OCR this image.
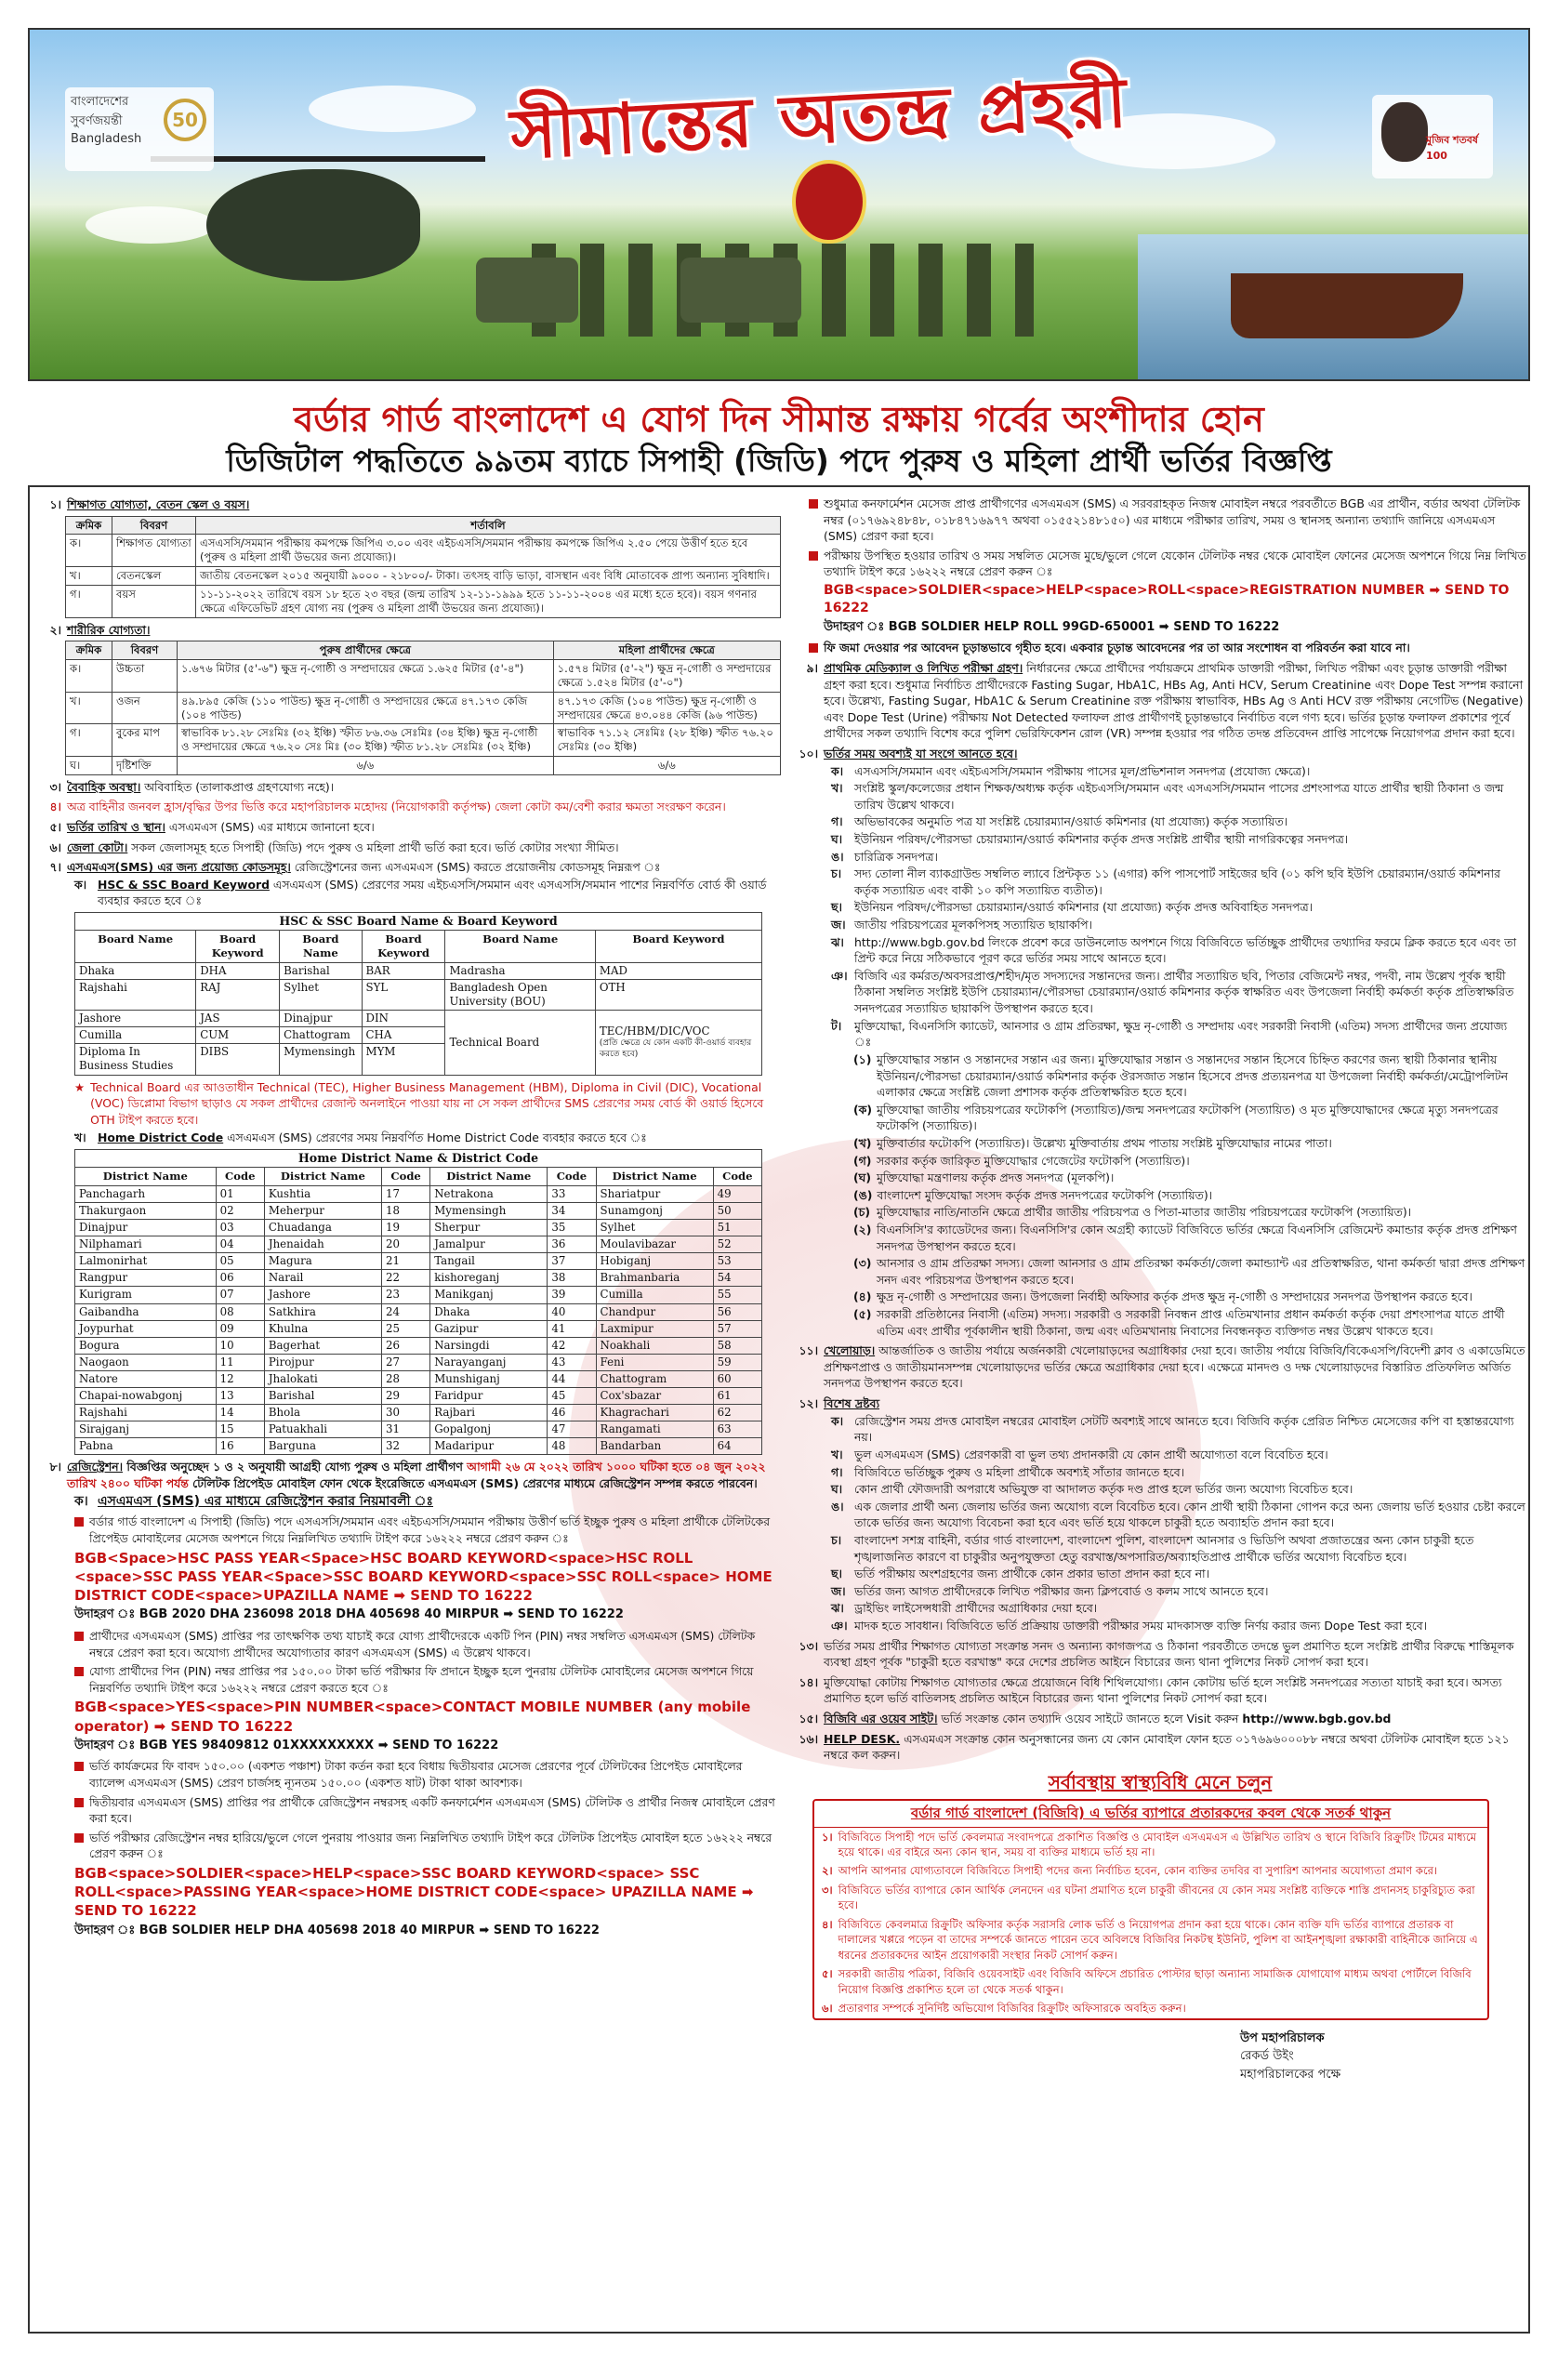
সীমান্তের অতন্দ্র প্রহরী
বাংলাদেশের সুবর্ণজয়ন্তী Bangladesh
50
মুজিব শতবর্ষ 100
বর্ডার গার্ড বাংলাদেশ এ যোগ দিন সীমান্ত রক্ষায় গর্বের অংশীদার হোন
ডিজিটাল পদ্ধতিতে ৯৯তম ব্যাচে সিপাহী (জিডি) পদে পুরুষ ও মহিলা প্রার্থী ভর্তির বিজ্ঞপ্তি
১। শিক্ষাগত যোগ্যতা, বেতন স্কেল ও বয়স।
ক্রমিক	বিবরণ	শর্তাবলি
ক।	শিক্ষাগত যোগ্যতা	এসএসসি/সমমান পরীক্ষায় কমপক্ষে জিপিএ ৩.০০ এবং এইচএসসি/সমমান পরীক্ষায় কমপক্ষে জিপিএ ২.৫০ পেয়ে উত্তীর্ণ হতে হবে (পুরুষ ও মহিলা প্রার্থী উভয়ের জন্য প্রযোজ্য)।
খ।	বেতনস্কেল	জাতীয় বেতনস্কেল ২০১৫ অনুযায়ী ৯০০০ - ২১৮০০/- টাকা। তৎসহ বাড়ি ভাড়া, বাসস্থান এবং বিধি মোতাবেক প্রাপ্য অন্যান্য সুবিধাদি।
গ।	বয়স	১১-১১-২০২২ তারিখে বয়স ১৮ হতে ২৩ বছর (জন্ম তারিখ ১২-১১-১৯৯৯ হতে ১১-১১-২০০৪ এর মধ্যে হতে হবে)। বয়স গণনার ক্ষেত্রে এফিডেভিট গ্রহণ যোগ্য নয় (পুরুষ ও মহিলা প্রার্থী উভয়ের জন্য প্রযোজ্য)।
২। শারীরিক যোগ্যতা।
ক্রমিক	বিবরণ	পুরুষ প্রার্থীদের ক্ষেত্রে	মহিলা প্রার্থীদের ক্ষেত্রে
ক।	উচ্চতা	১.৬৭৬ মিটার (৫'-৬") ক্ষুদ্র নৃ-গোষ্ঠী ও সম্প্রদায়ের ক্ষেত্রে ১.৬২৫ মিটার (৫'-৪")	১.৫৭৪ মিটার (৫'-২") ক্ষুদ্র নৃ-গোষ্ঠী ও সম্প্রদায়ের ক্ষেত্রে ১.৫২৪ মিটার (৫'-০")
খ।	ওজন	৪৯.৮৯৫ কেজি (১১০ পাউন্ড) ক্ষুদ্র নৃ-গোষ্ঠী ও সম্প্রদায়ের ক্ষেত্রে ৪৭.১৭৩ কেজি (১০৪ পাউন্ড)	৪৭.১৭৩ কেজি (১০৪ পাউন্ড) ক্ষুদ্র নৃ-গোষ্ঠী ও সম্প্রদায়ের ক্ষেত্রে ৪৩.০৪৪ কেজি (৯৬ পাউন্ড)
গ।	বুকের মাপ	স্বাভাবিক ৮১.২৮ সেঃমিঃ (৩২ ইঞ্চি) স্ফীত ৮৬.৩৬ সেঃমিঃ (৩৪ ইঞ্চি) ক্ষুদ্র নৃ-গোষ্ঠী ও সম্প্রদায়ের ক্ষেত্রে ৭৬.২০ সেঃ মিঃ (৩০ ইঞ্চি) স্ফীত ৮১.২৮ সেঃমিঃ (৩২ ইঞ্চি)	স্বাভাবিক ৭১.১২ সেঃমিঃ (২৮ ইঞ্চি) স্ফীত ৭৬.২০ সেঃমিঃ (৩০ ইঞ্চি)
ঘ।	দৃষ্টিশক্তি	৬/৬	৬/৬
৩। বৈবাহিক অবস্থা। অবিবাহিত (তালাকপ্রাপ্ত গ্রহণযোগ্য নহে)।
৪। অত্র বাহিনীর জনবল হ্রাস/বৃদ্ধির উপর ভিত্তি করে মহাপরিচালক মহোদয় (নিয়োগকারী কর্তৃপক্ষ) জেলা কোটা কম/বেশী করার ক্ষমতা সংরক্ষণ করেন।
৫। ভর্তির তারিখ ও স্থান। এসএমএস (SMS) এর মাধ্যমে জানানো হবে।
৬। জেলা কোটা। সকল জেলাসমূহ হতে সিপাহী (জিডি) পদে পুরুষ ও মহিলা প্রার্থী ভর্তি করা হবে। ভর্তি কোটার সংখ্যা সীমিত।
৭। এসএমএস(SMS) এর জন্য প্রয়োজ্য কোডসমূহ। রেজিস্ট্রেশনের জন্য এসএমএস (SMS) করতে প্রয়োজনীয় কোডসমূহ নিম্নরূপ ঃ
ক। HSC & SSC Board Keyword এসএমএস (SMS) প্রেরণের সময় এইচএসসি/সমমান এবং এসএসসি/সমমান পাশের নিম্নবর্ণিত বোর্ড কী ওয়ার্ড ব্যবহার করতে হবে ঃ
HSC & SSC Board Name & Board Keyword					
Board Name	Board Keyword	Board Name	Board Keyword	Board Name	Board Keyword
Dhaka	DHA	Barishal	BAR	Madrasha	MAD
Rajshahi	RAJ	Sylhet	SYL	Bangladesh Open University (BOU)	OTH
Jashore	JAS	Dinajpur	DIN	Technical Board	TEC/HBM/DIC/VOC
(প্রতি ক্ষেত্রে যে কোন একটি কী-ওয়ার্ড ব্যবহার করতে হবে)

Cumilla	CUM	Chattogram	CHA		
Diploma In Business Studies	DIBS	Mymensingh	MYM		
★ Technical Board এর আওতাধীন Technical (TEC), Higher Business Management (HBM), Diploma in Civil (DIC), Vocational (VOC) ডিপ্লোমা বিভাগ ছাড়াও যে সকল প্রার্থীদের রেজাল্ট অনলাইনে পাওয়া যায় না সে সকল প্রার্থীদের SMS প্রেরণের সময় বোর্ড কী ওয়ার্ড হিসেবে OTH টাইপ করতে হবে।
খ।	Home District Code এসএমএস (SMS) প্রেরণের সময় নিম্নবর্ণিত Home District Code ব্যবহার করতে হবে ঃ
Home District Name & District Code							
District Name	Code	District Name	Code	District Name	Code	District Name	Code
Panchagarh	01	Kushtia	17	Netrakona	33	Shariatpur	49
Thakurgaon	02	Meherpur	18	Mymensingh	34	Sunamgonj	50
Dinajpur	03	Chuadanga	19	Sherpur	35	Sylhet	51
Nilphamari	04	Jhenaidah	20	Jamalpur	36	Moulavibazar	52
Lalmonirhat	05	Magura	21	Tangail	37	Hobiganj	53
Rangpur	06	Narail	22	kishoreganj	38	Brahmanbaria	54
Kurigram	07	Jashore	23	Manikganj	39	Cumilla	55
Gaibandha	08	Satkhira	24	Dhaka	40	Chandpur	56
Joypurhat	09	Khulna	25	Gazipur	41	Laxmipur	57
Bogura	10	Bagerhat	26	Narsingdi	42	Noakhali	58
Naogaon	11	Pirojpur	27	Narayanganj	43	Feni	59
Natore	12	Jhalokati	28	Munshiganj	44	Chattogram	60
Chapai-nowabgonj	13	Barishal	29	Faridpur	45	Cox'sbazar	61
Rajshahi	14	Bhola	30	Rajbari	46	Khagrachari	62
Sirajganj	15	Patuakhali	31	Gopalgonj	47	Rangamati	63
Pabna	16	Barguna	32	Madaripur	48	Bandarban	64
৮। রেজিস্ট্রেশন। বিজ্ঞপ্তির অনুচ্ছেদ ১ ও ২ অনুযায়ী আগ্রহী যোগ্য পুরুষ ও মহিলা প্রার্থীগণ আগামী ২৬ মে ২০২২ তারিখ ১০০০ ঘটিকা হতে ০৪ জুন ২০২২ তারিখ ২৪০০ ঘটিকা পর্যন্ত টেলিটক প্রিপেইড মোবাইল ফোন থেকে ইংরেজিতে এসএমএস (SMS) প্রেরণের মাধ্যমে রেজিস্ট্রেশন সম্পন্ন করতে পারবেন।
ক। এসএমএস (SMS) এর মাধ্যমে রেজিস্ট্রেশন করার নিয়মাবলী ঃ
বর্ডার গার্ড বাংলাদেশ এ সিপাহী (জিডি) পদে এসএসসি/সমমান এবং এইচএসসি/সমমান পরীক্ষায় উত্তীর্ণ ভর্তি ইচ্ছুক পুরুষ ও মহিলা প্রার্থীকে টেলিটকের প্রিপেইড মোবাইলের মেসেজ অপশনে গিয়ে নিম্নলিখিত তথ্যাদি টাইপ করে ১৬২২২ নম্বরে প্রেরণ করুন ঃ
BGB<Space>HSC PASS YEAR<Space>HSC BOARD KEYWORD<space>HSC ROLL <space>SSC PASS YEAR<Space>SSC BOARD KEYWORD<space>SSC ROLL<space> HOME DISTRICT CODE<space>UPAZILLA NAME ➡ SEND TO 16222
উদাহরণ ঃ BGB 2020 DHA 236098 2018 DHA 405698 40 MIRPUR ➡ SEND TO 16222
প্রার্থীদের এসএমএস (SMS) প্রাপ্তির পর তাৎক্ষণিক তথ্য যাচাই করে যোগ্য প্রার্থীদেরকে একটি পিন (PIN) নম্বর সম্বলিত এসএমএস (SMS) টেলিটক নম্বরে প্রেরণ করা হবে। অযোগ্য প্রার্থীদের অযোগ্যতার কারণ এসএমএস (SMS) এ উল্লেখ থাকবে।
যোগ্য প্রার্থীদের পিন (PIN) নম্বর প্রাপ্তির পর ১৫০.০০ টাকা ভর্তি পরীক্ষার ফি প্রদানে ইচ্ছুক হলে পুনরায় টেলিটক মোবাইলের মেসেজ অপশনে গিয়ে নিম্নবর্ণিত তথ্যাদি টাইপ করে ১৬২২২ নম্বরে প্রেরণ করতে হবে ঃ
BGB<space>YES<space>PIN NUMBER<space>CONTACT MOBILE NUMBER (any mobile operator) ➡ SEND TO 16222
উদাহরণ ঃ BGB YES 98409812 01XXXXXXXXX ➡ SEND TO 16222
ভর্তি কার্যক্রমের ফি বাবদ ১৫০.০০ (একশত পঞ্চাশ) টাকা কর্তন করা হবে বিধায় দ্বিতীয়বার মেসেজ প্রেরণের পূর্বে টেলিটকের প্রিপেইড মোবাইলের ব্যালেন্স এসএমএস (SMS) প্রেরণ চার্জসহ ন্যূনতম ১৫০.০০ (একশত ষাট) টাকা থাকা আবশ্যক।
দ্বিতীয়বার এসএমএস (SMS) প্রাপ্তির পর প্রার্থীকে রেজিস্ট্রেশন নম্বরসহ একটি কনফার্মেশন এসএমএস (SMS) টেলিটক ও প্রার্থীর নিজস্ব মোবাইলে প্রেরণ করা হবে।
ভর্তি পরীক্ষার রেজিস্ট্রেশন নম্বর হারিয়ে/ভুলে গেলে পুনরায় পাওয়ার জন্য নিম্নলিখিত তথ্যাদি টাইপ করে টেলিটক প্রিপেইড মোবাইল হতে ১৬২২২ নম্বরে প্রেরণ করুন ঃ
BGB<space>SOLDIER<space>HELP<space>SSC BOARD KEYWORD<space> SSC ROLL<space>PASSING YEAR<space>HOME DISTRICT CODE<space> UPAZILLA NAME ➡ SEND TO 16222
উদাহরণ ঃ BGB SOLDIER HELP DHA 405698 2018 40 MIRPUR ➡ SEND TO 16222
শুধুমাত্র কনফার্মেশন মেসেজ প্রাপ্ত প্রার্থীগণের এসএমএস (SMS) এ সরবরাহকৃত নিজস্ব মোবাইল নম্বরে পরবর্তীতে BGB এর প্রার্থীন, বর্ডার অথবা টেলিটক নম্বর (০১৭৬৯২৪৮৪৮, ০১৮৪৭১৬৯৭৭ অথবা ০১৫৫২১৪৮১৫০) এর মাধ্যমে পরীক্ষার তারিখ, সময় ও স্থানসহ অন্যান্য তথ্যাদি জানিয়ে এসএমএস (SMS) প্রেরণ করা হবে।
পরীক্ষায় উপস্থিত হওয়ার তারিখ ও সময় সম্বলিত মেসেজ মুছে/ভুলে গেলে যেকোন টেলিটক নম্বর থেকে মোবাইল ফোনের মেসেজ অপশনে গিয়ে নিম্ন লিখিত তথ্যাদি টাইপ করে ১৬২২২ নম্বরে প্রেরণ করুন ঃ
BGB<space>SOLDIER<space>HELP<space>ROLL<space>REGISTRATION NUMBER ➡ SEND TO 16222
উদাহরণ ঃ BGB SOLDIER HELP ROLL 99GD-650001 ➡ SEND TO 16222
ফি জমা দেওয়ার পর আবেদন চূড়ান্তভাবে গৃহীত হবে। একবার চূড়ান্ত আবেদনের পর তা আর সংশোধন বা পরিবর্তন করা যাবে না।
৯। প্রাথমিক মেডিক্যাল ও লিখিত পরীক্ষা গ্রহণ। নির্ধারনের ক্ষেত্রে প্রার্থীদের পর্যায়ক্রমে প্রাথমিক ডাক্তারী পরীক্ষা, লিখিত পরীক্ষা এবং চূড়ান্ত ডাক্তারী পরীক্ষা গ্রহণ করা হবে। শুধুমাত্র নির্বাচিত প্রার্থীদেরকে Fasting Sugar, HbA1C, HBs Ag, Anti HCV, Serum Creatinine এবং Dope Test সম্পন্ন করানো হবে। উল্লেখ্য, Fasting Sugar, HbA1C & Serum Creatinine রক্ত পরীক্ষায় স্বাভাবিক, HBs Ag ও Anti HCV রক্ত পরীক্ষায় নেগেটিভ (Negative) এবং Dope Test (Urine) পরীক্ষায় Not Detected ফলাফল প্রাপ্ত প্রার্থীগণই চূড়ান্তভাবে নির্বাচিত বলে গণ্য হবে। ভর্তির চূড়ান্ত ফলাফল প্রকাশের পূর্বে প্রার্থীদের সকল তথ্যাদি বিশেষ করে পুলিশ ভেরিফিকেশন রোল (VR) সম্পন্ন হওয়ার পর গঠিত তদন্ত প্রতিবেদন প্রাপ্তি সাপেক্ষে নিয়োগপত্র প্রদান করা হবে।
১০। ভর্তির সময় অবশ্যই যা সংগে আনতে হবে।
ক। এসএসসি/সমমান এবং এইচএসসি/সমমান পরীক্ষায় পাসের মূল/প্রভিশনাল সনদপত্র (প্রযোজ্য ক্ষেত্রে)।
খ।	সংশ্লিষ্ট স্কুল/কলেজের প্রধান শিক্ষক/অধ্যক্ষ কর্তৃক এইচএসসি/সমমান এবং এসএসসি/সমমান পাসের প্রশংসাপত্র যাতে প্রার্থীর স্থায়ী ঠিকানা ও জন্ম তারিখ উল্লেখ থাকবে।
গ।	অভিভাবকের অনুমতি পত্র যা সংশ্লিষ্ট চেয়ারম্যান/ওয়ার্ড কমিশনার (যা প্রযোজ্য) কর্তৃক সত্যায়িত।
ঘ।	ইউনিয়ন পরিষদ/পৌরসভা চেয়ারম্যান/ওয়ার্ড কমিশনার কর্তৃক প্রদত্ত সংশ্লিষ্ট প্রার্থীর স্থায়ী নাগরিকত্বের সনদপত্র।
ঙ। চারিত্রিক সনদপত্র।
চ।	সদ্য তোলা নীল ব্যাকগ্রাউন্ড সম্বলিত ল্যাবে প্রিন্টকৃত ১১ (এগার) কপি পাসপোর্ট সাইজের ছবি (০১ কপি ছবি ইউপি চেয়ারম্যান/ওয়ার্ড কমিশনার কর্তৃক সত্যায়িত এবং বাকী ১০ কপি সত্যায়িত ব্যতীত)।
ছ।	ইউনিয়ন পরিষদ/পৌরসভা চেয়ারম্যান/ওয়ার্ড কমিশনার (যা প্রযোজ্য) কর্তৃক প্রদত্ত অবিবাহিত সনদপত্র।
জ। জাতীয় পরিচয়পত্রের মূলকপিসহ সত্যায়িত ছায়াকপি।
ঝ। http://www.bgb.gov.bd লিংকে প্রবেশ করে ডাউনলোড অপশনে গিয়ে বিজিবিতে ভর্তিচ্ছুক প্রার্থীদের তথ্যাদির ফরমে ক্লিক করতে হবে এবং তা প্রিন্ট করে নিয়ে সঠিকভাবে পূরণ করে ভর্তির সময় সাথে আনতে হবে।
ঞ। বিজিবি এর কর্মরত/অবসরপ্রাপ্ত/শহীদ/মৃত সদস্যদের সন্তানদের জন্য। প্রার্থীর সত্যায়িত ছবি, পিতার বেজিমেন্ট নম্বর, পদবী, নাম উল্লেখ পূর্বক স্থায়ী ঠিকানা সম্বলিত সংশ্লিষ্ট ইউপি চেয়ারম্যান/পৌরসভা চেয়ারম্যান/ওয়ার্ড কমিশনার কর্তৃক স্বাক্ষরিত এবং উপজেলা নির্বাহী কর্মকর্তা কর্তৃক প্রতিস্বাক্ষরিত সনদপত্রের সত্যায়িত ছায়াকপি উপস্থাপন করতে হবে।
ট।	মুক্তিযোদ্ধা, বিএনসিসি ক্যাডেট, আনসার ও গ্রাম প্রতিরক্ষা, ক্ষুদ্র নৃ-গোষ্ঠী ও সম্প্রদায় এবং সরকারী নিবাসী (এতিম) সদস্য প্রার্থীদের জন্য প্রযোজ্য ঃ
(১) মুক্তিযোদ্ধার সন্তান ও সন্তানদের সন্তান এর জন্য। মুক্তিযোদ্ধার সন্তান ও সন্তানদের সন্তান হিসেবে চিহ্নিত করণের জন্য স্থায়ী ঠিকানার স্থানীয় ইউনিয়ন/পৌরসভা চেয়ারম্যান/ওয়ার্ড কমিশনার কর্তৃক ঔরসজাত সন্তান হিসেবে প্রদত্ত প্রত্যয়নপত্র যা উপজেলা নির্বাহী কর্মকর্তা/মেট্রোপলিটন এলাকার ক্ষেত্রে সংশ্লিষ্ট জেলা প্রশাসক কর্তৃক প্রতিস্বাক্ষরিত হতে হবে।
(ক) মুক্তিযোদ্ধা জাতীয় পরিচয়পত্রের ফটোকপি (সত্যায়িত)/জন্ম সনদপত্রের ফটোকপি (সত্যায়িত) ও মৃত মুক্তিযোদ্ধাদের ক্ষেত্রে মৃত্যু সনদপত্রের ফটোকপি (সত্যায়িত)।
(খ) মুক্তিবার্তার ফটোকপি (সত্যায়িত)। উল্লেখ্য মুক্তিবার্তায় প্রথম পাতায় সংশ্লিষ্ট মুক্তিযোদ্ধার নামের পাতা।
(গ) সরকার কর্তৃক জারিকৃত মুক্তিযোদ্ধার গেজেটের ফটোকপি (সত্যায়িত)।
(ঘ) মুক্তিযোদ্ধা মন্ত্রণালয় কর্তৃক প্রদত্ত সনদপত্র (মূলকপি)।
(ঙ) বাংলাদেশ মুক্তিযোদ্ধা সংসদ কর্তৃক প্রদত্ত সনদপত্রের ফটোকপি (সত্যায়িত)।
(চ) মুক্তিযোদ্ধার নাতি/নাতনি ক্ষেত্রে প্রার্থীর জাতীয় পরিচয়পত্র ও পিতা-মাতার জাতীয় পরিচয়পত্রের ফটোকপি (সত্যায়িত)।
(২) বিএনসিসি'র ক্যাডেটদের জন্য। বিএনসিসি'র কোন অগ্রহী ক্যাডেট বিজিবিতে ভর্তির ক্ষেত্রে বিএনসিসি রেজিমেন্ট কমান্ডার কর্তৃক প্রদত্ত প্রশিক্ষণ সনদপত্র উপস্থাপন করতে হবে।
(৩) আনসার ও গ্রাম প্রতিরক্ষা সদস্য। জেলা আনসার ও গ্রাম প্রতিরক্ষা কর্মকর্তা/জেলা কমান্ড্যান্ট এর প্রতিস্বাক্ষরিত, থানা কর্মকর্তা দ্বারা প্রদত্ত প্রশিক্ষণ সনদ এবং পরিচয়পত্র উপস্থাপন করতে হবে।
(৪) ক্ষুদ্র নৃ-গোষ্ঠী ও সম্প্রদায়ের জন্য। উপজেলা নির্বাহী অফিসার কর্তৃক প্রদত্ত ক্ষুদ্র নৃ-গোষ্ঠী ও সম্প্রদায়ের সনদপত্র উপস্থাপন করতে হবে।
(৫) সরকারী প্রতিষ্ঠানের নিবাসী (এতিম) সদস্য। সরকারী ও সরকারী নিবন্ধন প্রাপ্ত এতিমখানার প্রধান কর্মকর্তা কর্তৃক দেয়া প্রশংসাপত্র যাতে প্রার্থী এতিম এবং প্রার্থীর পূর্বকালীন স্থায়ী ঠিকানা, জন্ম এবং এতিমখানায় নিবাসের নিবন্ধনকৃত ব্যক্তিগত নম্বর উল্লেখ থাকতে হবে।
১১। খেলোয়াড়। আন্তর্জাতিক ও জাতীয় পর্যায়ে অর্জনকারী খেলোয়াড়দের অগ্রাধিকার দেয়া হবে। জাতীয় পর্যায়ে বিজিবি/বিকেএসপি/বিদেশী ক্লাব ও একাডেমিতে প্রশিক্ষণপ্রাপ্ত ও জাতীয়মানসম্পন্ন খেলোয়াড়দের ভর্তির ক্ষেত্রে অগ্রাধিকার দেয়া হবে। এক্ষেত্রে মানদণ্ড ও দক্ষ খেলোয়াড়দের বিস্তারিত প্রতিফলিত অর্জিত সনদপত্র উপস্থাপন করতে হবে।
১২। বিশেষ দ্রষ্টব্য
ক। রেজিস্ট্রেশন সময় প্রদত্ত মোবাইল নম্বরের মোবাইল সেটটি অবশ্যই সাথে আনতে হবে। বিজিবি কর্তৃক প্রেরিত নিশ্চিত মেসেজের কপি বা হস্তান্তরযোগ্য নয়।
খ।	ভুল এসএমএস (SMS) প্রেরণকারী বা ভুল তথ্য প্রদানকারী যে কোন প্রার্থী অযোগ্যতা বলে বিবেচিত হবে।
গ।	বিজিবিতে ভর্তিচ্ছুক পুরুষ ও মহিলা প্রার্থীকে অবশ্যই সাঁতার জানতে হবে।
ঘ।	কোন প্রার্থী ফৌজদারী অপরাধে অভিযুক্ত বা আদালত কর্তৃক দণ্ড প্রাপ্ত হলে ভর্তির জন্য অযোগ্য বিবেচিত হবে।
ঙ। এক জেলার প্রার্থী অন্য জেলায় ভর্তির জন্য অযোগ্য বলে বিবেচিত হবে। কোন প্রার্থী স্থায়ী ঠিকানা গোপন করে অন্য জেলায় ভর্তি হওয়ার চেষ্টা করলে তাকে ভর্তির জন্য অযোগ্য বিবেচনা করা হবে এবং ভর্তি হয়ে থাকলে চাকুরী হতে অব্যাহতি প্রদান করা হবে।
চ।	বাংলাদেশ সশস্ত্র বাহিনী, বর্ডার গার্ড বাংলাদেশ, বাংলাদেশ পুলিশ, বাংলাদেশ আনসার ও ভিডিপি অথবা প্রজাতন্ত্রের অন্য কোন চাকুরী হতে শৃঙ্খলাজনিত কারণে বা চাকুরীর অনুপযুক্ততা হেতু বরখাস্ত/অপসারিত/অব্যাহতিপ্রাপ্ত প্রার্থীকে ভর্তির অযোগ্য বিবেচিত হবে।
ছ।	ভর্তি পরীক্ষায় অংশগ্রহণের জন্য প্রার্থীকে কোন প্রকার ভাতা প্রদান করা হবে না।
জ। ভর্তির জন্য আগত প্রার্থীদেরকে লিখিত পরীক্ষার জন্য ক্লিপবোর্ড ও কলম সাথে আনতে হবে।
ঝ। ড্রাইভিং লাইসেন্সধারী প্রার্থীদের অগ্রাধিকার দেয়া হবে।
ঞ। মাদক হতে সাবধান। বিজিবিতে ভর্তি প্রক্রিয়ায় ডাক্তারী পরীক্ষার সময় মাদকাসক্ত ব্যক্তি নির্ণয় করার জন্য Dope Test করা হবে।
১৩। ভর্তির সময় প্রার্থীর শিক্ষাগত যোগ্যতা সংক্রান্ত সনদ ও অন্যান্য কাগজপত্র ও ঠিকানা পরবর্তীতে তদন্তে ভুল প্রমাণিত হলে সংশ্লিষ্ট প্রার্থীর বিরুদ্ধে শাস্তিমূলক ব্যবস্থা গ্রহণ পূর্বক "চাকুরী হতে বরখাস্ত" করে দেশের প্রচলিত আইনে বিচারের জন্য থানা পুলিশের নিকট সোপর্দ করা হবে।
১৪। মুক্তিযোদ্ধা কোটায় শিক্ষাগত যোগ্যতার ক্ষেত্রে প্রয়োজনে বিধি শিথিলযোগ্য। কোন কোটায় ভর্তি হলে সংশ্লিষ্ট সনদপত্রের সত্যতা যাচাই করা হবে। অসত্য প্রমাণিত হলে ভর্তি বাতিলসহ প্রচলিত আইনে বিচারের জন্য থানা পুলিশের নিকট সোপর্দ করা হবে।
১৫। বিজিবি এর ওয়েব সাইট। ভর্তি সংক্রান্ত কোন তথ্যাদি ওয়েব সাইটে জানতে হলে Visit করুন http://www.bgb.gov.bd
১৬। HELP DESK. এসএমএস সংক্রান্ত কোন অনুসন্ধানের জন্য যে কোন মোবাইল ফোন হতে ০১৭৬৯৬০০০৮৮ নম্বরে অথবা টেলিটক মোবাইল হতে ১২১ নম্বরে কল করুন।
সর্বাবস্থায় স্বাস্থ্যবিধি মেনে চলুন
বর্ডার গার্ড বাংলাদেশ (বিজিবি) এ ভর্তির ব্যাপারে প্রতারকদের কবল থেকে সতর্ক থাকুন
১। বিজিবিতে সিপাহী পদে ভর্তি কেবলমাত্র সংবাদপত্রে প্রকাশিত বিজ্ঞপ্তি ও মোবাইল এসএমএস এ উল্লিখিত তারিখ ও স্থানে বিজিবি রিক্রুটিং টিমের মাধ্যমে হয়ে থাকে। এর বাইরে অন্য কোন স্থান, সময় বা ব্যক্তির মাধ্যমে ভর্তি হয় না।
২। আপনি আপনার যোগ্যতাবলে বিজিবিতে সিপাহী পদের জন্য নির্বাচিত হবেন, কোন ব্যক্তির তদবির বা সুপারিশ আপনার অযোগ্যতা প্রমাণ করে।
৩। বিজিবিতে ভর্তির ব্যাপারে কোন আর্থিক লেনদেন এর ঘটনা প্রমাণিত হলে চাকুরী জীবনের যে কোন সময় সংশ্লিষ্ট ব্যক্তিকে শাস্তি প্রদানসহ চাকুরিচ্যুত করা হবে।
৪। বিজিবিতে কেবলমাত্র রিক্রুটিং অফিসার কর্তৃক সরাসরি লোক ভর্তি ও নিয়োগপত্র প্রদান করা হয়ে থাকে। কোন ব্যক্তি যদি ভর্তির ব্যাপারে প্রতারক বা দালালের খপ্পরে পড়েন বা তাদের সম্পর্কে জানতে পারেন তবে অবিলম্বে বিজিবির নিকটস্থ ইউনিট, পুলিশ বা আইনশৃঙ্খলা রক্ষাকারী বাহিনীকে জানিয়ে এ ধরনের প্রতারকদের আইন প্রয়োগকারী সংস্থার নিকট সোপর্দ করুন।
৫। সরকারী জাতীয় পত্রিকা, বিজিবি ওয়েবসাইট এবং বিজিবি অফিসে প্রচারিত পোস্টার ছাড়া অন্যান্য সামাজিক যোগাযোগ মাধ্যম অথবা পোর্টালে বিজিবি নিয়োগ বিজ্ঞপ্তি প্রকাশিত হলে তা থেকে সতর্ক থাকুন।
৬। প্রতারণার সম্পর্কে সুনির্দিষ্ট অভিযোগ বিজিবির রিক্রুটিং অফিসারকে অবহিত করুন।
উপ মহাপরিচালক
রেকর্ড উইং
মহাপরিচালকের পক্ষে
